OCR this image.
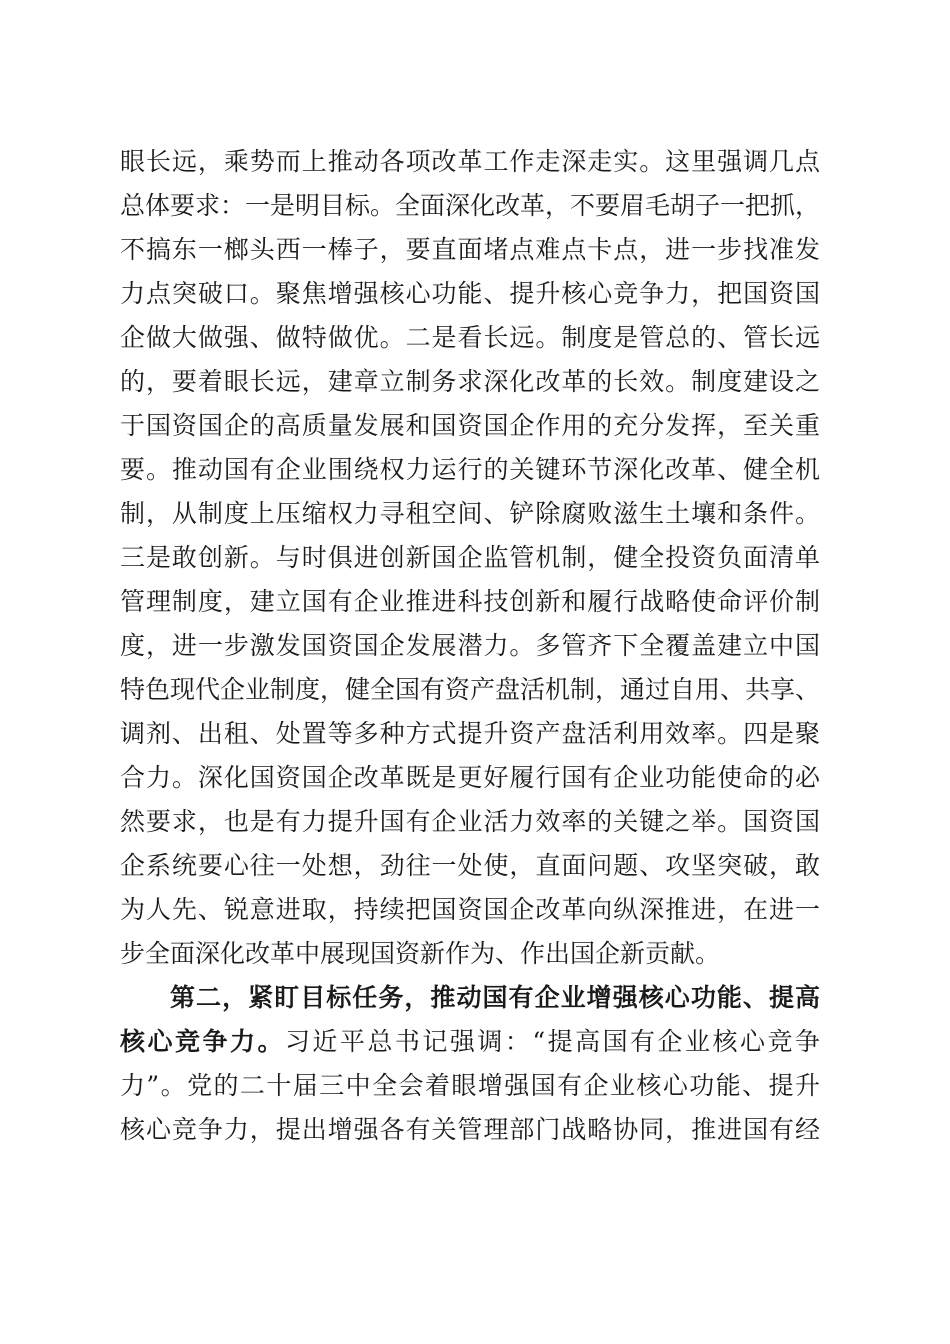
眼长远，乘势而上推动各项改革工作走深走实。这里强调几点
总体要求：一是明目标。全面深化改革，不要眉毛胡子一把抓，
不搞东一榔头西一棒子，要直面堵点难点卡点，进一步找准发
力点突破口。聚焦增强核心功能、提升核心竞争力，把国资国
企做大做强、做特做优。二是看长远。制度是管总的、管长远
的，要着眼长远，建章立制务求深化改革的长效。制度建设之
于国资国企的高质量发展和国资国企作用的充分发挥，至关重
要。推动国有企业围绕权力运行的关键环节深化改革、健全机
制，从制度上压缩权力寻租空间、铲除腐败滋生土壤和条件。
三是敢创新。与时俱进创新国企监管机制，健全投资负面清单
管理制度，建立国有企业推进科技创新和履行战略使命评价制
度，进一步激发国资国企发展潜力。多管齐下全覆盖建立中国
特色现代企业制度，健全国有资产盘活机制，通过自用、共享、
调剂、出租、处置等多种方式提升资产盘活利用效率。四是聚
合力。深化国资国企改革既是更好履行国有企业功能使命的必
然要求，也是有力提升国有企业活力效率的关键之举。国资国
企系统要心往一处想，劲往一处使，直面问题、攻坚突破，敢
为人先、锐意进取，持续把国资国企改革向纵深推进，在进一
步全面深化改革中展现国资新作为、作出国企新贡献。
第二，紧盯目标任务，推动国有企业增强核心功能、提高
核心竞争力。习近平总书记强调：“提高国有企业核心竞争
力”。党的二十届三中全会着眼增强国有企业核心功能、提升
核心竞争力，提出增强各有关管理部门战略协同，推进国有经
